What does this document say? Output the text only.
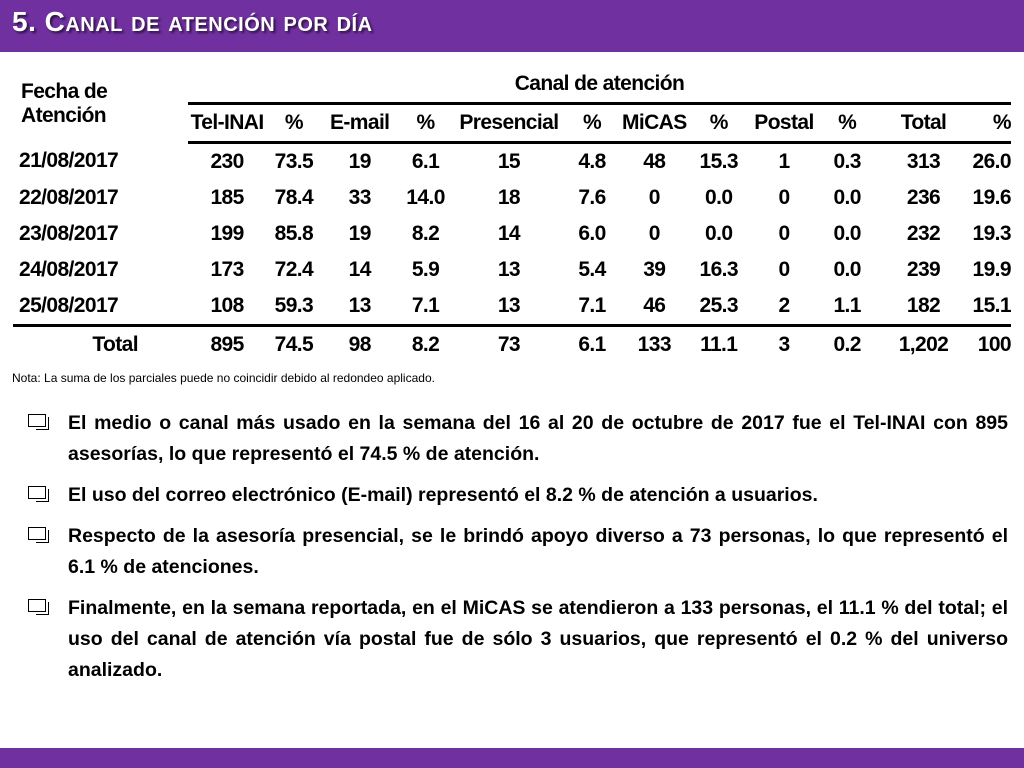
5. Canal de atención por día
Fecha de Atención	Canal de atención											
	Tel-INAI	%	E-mail	%	Presencial	%	MiCAS	%	Postal	%	Total	%
21/08/2017	230	73.5	19	6.1	15	4.8	48	15.3	1	0.3	313	26.0
22/08/2017	185	78.4	33	14.0	18	7.6	0	0.0	0	0.0	236	19.6
23/08/2017	199	85.8	19	8.2	14	6.0	0	0.0	0	0.0	232	19.3
24/08/2017	173	72.4	14	5.9	13	5.4	39	16.3	0	0.0	239	19.9
25/08/2017	108	59.3	13	7.1	13	7.1	46	25.3	2	1.1	182	15.1
Total	895	74.5	98	8.2	73	6.1	133	11.1	3	0.2	1,202	100
Nota: La suma de los parciales puede no coincidir debido al redondeo aplicado.
El medio o canal más usado en la semana del 16 al 20 de octubre de 2017 fue el Tel-INAI con 895 asesorías, lo que representó el 74.5 % de atención.
El uso del correo electrónico (E-mail) representó el 8.2 % de atención a usuarios.
Respecto de la asesoría presencial, se le brindó apoyo diverso a 73 personas, lo que representó el 6.1 % de atenciones.
Finalmente, en la semana reportada, en el MiCAS se atendieron a 133 personas, el 11.1 % del total; el uso del canal de atención vía postal fue de sólo 3 usuarios, que representó el 0.2 % del universo analizado.
